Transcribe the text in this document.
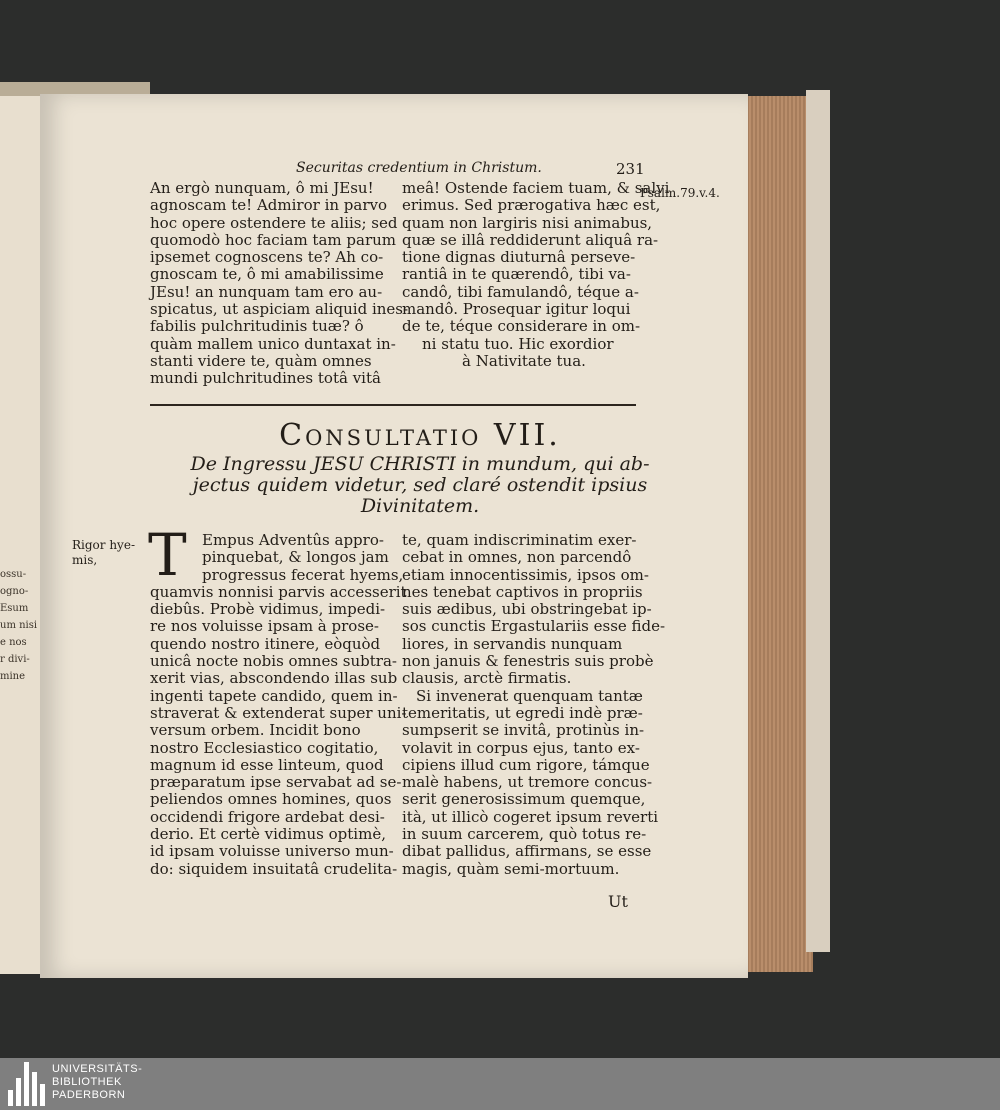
ossu-
ogno-
Esum
um nisi
e nos
r divi-
mine
Securitas credentium in Christum.	231
An ergò nunquam, ô mi JEsu!
agnoscam te! Admiror in parvo
hoc opere ostendere te aliis; sed
quomodò hoc faciam tam parum
ipsemet cognoscens te? Ah co-
gnoscam te, ô mi amabilissime
JEsu! an nunquam tam ero au-
spicatus, ut aspiciam aliquid ines-
fabilis pulchritudinis tuæ? ô
quàm mallem unico duntaxat in-
stanti videre te, quàm omnes
mundi pulchritudines totâ vitâ
meâ! Ostende faciem tuam, & salvi
erimus. Sed prærogativa hæc est,
quam non largiris nisi animabus,
quæ se illâ reddiderunt aliquâ ra-
tione dignas diuturnâ perseve-
rantiâ in te quærendô, tibi va-
candô, tibi famulandô, téque a-
mandô. Prosequar igitur loqui
de te, téque considerare in om-
ni statu tuo. Hic exordior
à Nativitate tua.
Psalm.79.v.4.
Consultatio VII.
De Ingressu JESU CHRISTI in mundum, qui ab-
jectus quidem videtur, sed claré ostendit ipsius
Divinitatem.
Rigor hye-
mis, T	Empus Adventûs appro-
pinquebat, & longos jam
progressus fecerat hyems,
quamvis nonnisi parvis accesserit
diebûs. Probè vidimus, impedi-
re nos voluisse ipsam à prose-
quendo nostro itinere, eòquòd
unicâ nocte nobis omnes subtra-
xerit vias, abscondendo illas sub
ingenti tapete candido, quem in-
straverat & extenderat super uni-
versum orbem. Incidit bono
nostro Ecclesiastico cogitatio,
magnum id esse linteum, quod
præparatum ipse servabat ad se-
peliendos omnes homines, quos
occidendi frigore ardebat desi-
derio. Et certè vidimus optimè,
id ipsam voluisse universo mun-
do: siquidem insuitatâ crudelita-
te, quam indiscriminatim exer-
cebat in omnes, non parcendô
etiam innocentissimis, ipsos om-
nes tenebat captivos in propriis
suis ædibus, ubi obstringebat ip-
sos cunctis Ergastulariis esse fide-
liores, in servandis nunquam
non januis & fenestris suis probè
clausis, arctè firmatis.
Si invenerat quenquam tantæ
temeritatis, ut egredi indè præ-
sumpserit se invitâ, protinùs in-
volavit in corpus ejus, tanto ex-
cipiens illud cum rigore, támque
malè habens, ut tremore concus-
serit generosissimum quemque,
ità, ut illicò cogeret ipsum reverti
in suum carcerem, quò totus re-
dibat pallidus, affirmans, se esse
magis, quàm semi-mortuum.
Ut
UNIVERSITÄTS-
BIBLIOTHEK
PADERBORN
